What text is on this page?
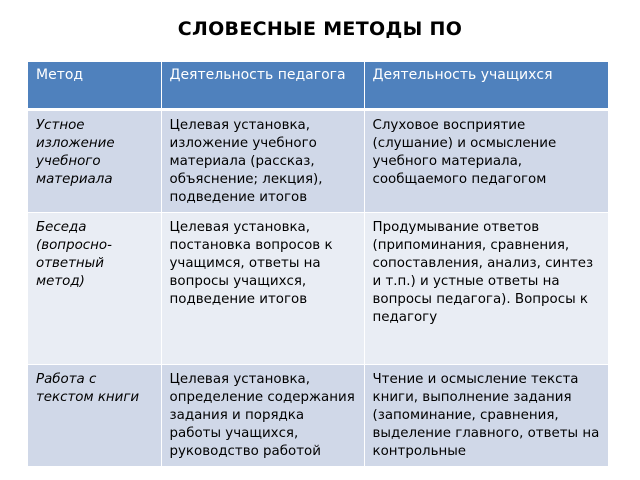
СЛОВЕСНЫЕ МЕТОДЫ ПО
Метод	Деятельность педагога	Деятельность учащихся
Устное изложение учебного материала	Целевая установка, изложение учебного материала (рассказ, объяснение; лекция), подведение итогов	Слуховое восприятие (слушание) и осмысление учебного материала, сообщаемого педагогом
Беседа (вопросно-ответный метод)	Целевая установка, постановка вопросов к учащимся, ответы на вопросы учащихся, подведение итогов	Продумывание ответов (припоминания, сравнения, сопоставления, анализ, синтез и т.п.) и устные ответы на вопросы педагога). Вопросы к педагогу
Работа с текстом книги	Целевая установка, определение содержания задания и порядка работы учащихся, руководство работой	Чтение и осмысление текста книги, выполнение задания (запоминание, сравнения, выделение главного, ответы на контрольные
